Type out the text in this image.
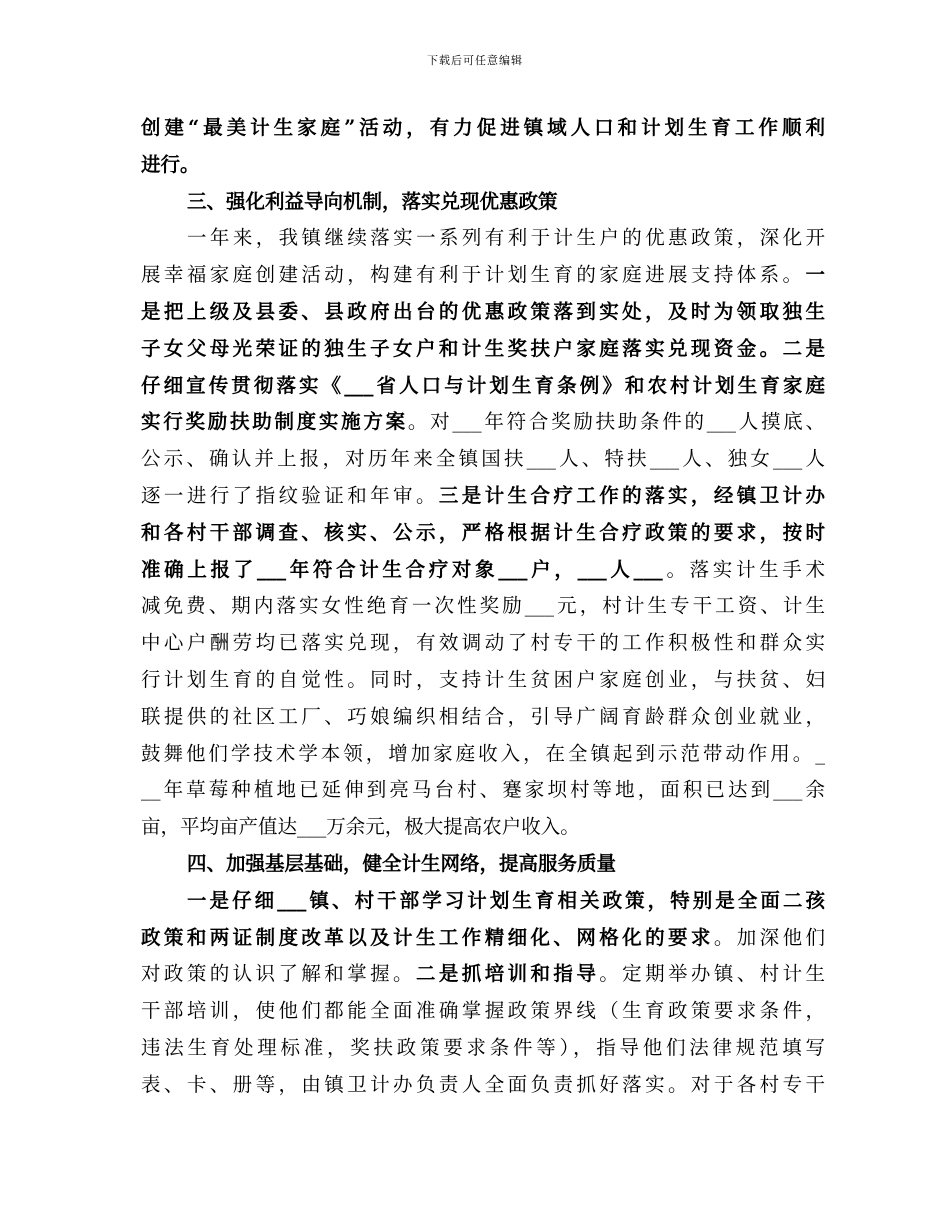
下载后可任意编辑
创建“最美计生家庭”活动，有力促进镇域人口和计划生育工作顺利
进行。
三、强化利益导向机制，落实兑现优惠政策
一年来，我镇继续落实一系列有利于计生户的优惠政策，深化开
展幸福家庭创建活动，构建有利于计划生育的家庭进展支持体系。一
是把上级及县委、县政府出台的优惠政策落到实处，及时为领取独生
子女父母光荣证的独生子女户和计生奖扶户家庭落实兑现资金。二是
仔细宣传贯彻落实《___省人口与计划生育条例》和农村计划生育家庭
实行奖励扶助制度实施方案。对___年符合奖励扶助条件的___人摸底、
公示、确认并上报，对历年来全镇国扶___人、特扶___人、独女___人
逐一进行了指纹验证和年审。三是计生合疗工作的落实，经镇卫计办
和各村干部调查、核实、公示，严格根据计生合疗政策的要求，按时
准确上报了___年符合计生合疗对象___户，___人___。落实计生手术
减免费、期内落实女性绝育一次性奖励___元，村计生专干工资、计生
中心户酬劳均已落实兑现，有效调动了村专干的工作积极性和群众实
行计划生育的自觉性。同时，支持计生贫困户家庭创业，与扶贫、妇
联提供的社区工厂、巧娘编织相结合，引导广阔育龄群众创业就业，
鼓舞他们学技术学本领，增加家庭收入，在全镇起到示范带动作用。_
__年草莓种植地已延伸到亮马台村、蹇家坝村等地，面积已达到___余
亩，平均亩产值达___万余元，极大提高农户收入。
四、加强基层基础，健全计生网络，提高服务质量
一是仔细___镇、村干部学习计划生育相关政策，特别是全面二孩
政策和两证制度改革以及计生工作精细化、网格化的要求。加深他们
对政策的认识了解和掌握。二是抓培训和指导。定期举办镇、村计生
干部培训，使他们都能全面准确掌握政策界线（生育政策要求条件，
违法生育处理标准，奖扶政策要求条件等），指导他们法律规范填写
表、卡、册等，由镇卫计办负责人全面负责抓好落实。对于各村专干
